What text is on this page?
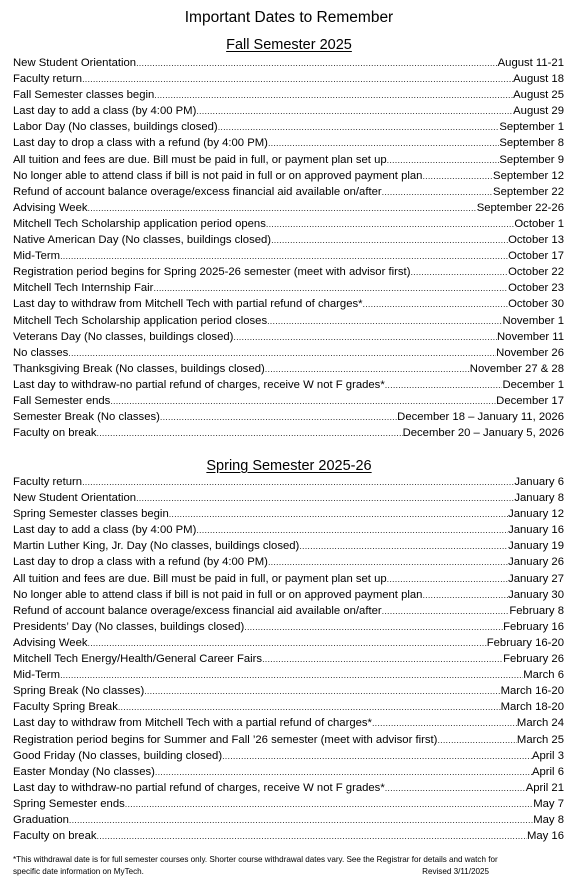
Important Dates to Remember
Fall Semester 2025
New Student Orientation .....	August 11-21
Faculty return .....	August 18
Fall Semester classes begin .....	August 25
Last day to add a class (by 4:00 PM) .....	August 29
Labor Day (No classes, buildings closed) .....	September 1
Last day to drop a class with a refund (by 4:00 PM) .....	September 8
All tuition and fees are due. Bill must be paid in full, or payment plan set up .....	September 9
No longer able to attend class if bill is not paid in full or on approved payment plan .....	September 12
Refund of account balance overage/excess financial aid available on/after .....	September 22
Advising Week .....	September 22-26
Mitchell Tech Scholarship application period opens .....	October 1
Native American Day (No classes, buildings closed) .....	October 13
Mid-Term .....	October 17
Registration period begins for Spring 2025-26 semester (meet with advisor first) .....	October 22
Mitchell Tech Internship Fair .....	October 23
Last day to withdraw from Mitchell Tech with partial refund of charges* .....	October 30
Mitchell Tech Scholarship application period closes .....	November 1
Veterans Day (No classes, buildings closed) .....	November 11
No classes .....	November 26
Thanksgiving Break (No classes, buildings closed) .....	November 27 & 28
Last day to withdraw-no partial refund of charges, receive W not F grades* .....	December 1
Fall Semester ends .....	December 17
Semester Break (No classes) .....	December 18 – January 11, 2026
Faculty on break .....	December 20 – January 5, 2026
Spring Semester 2025-26
Faculty return .....	January 6
New Student Orientation .....	January 8
Spring Semester classes begin .....	January 12
Last day to add a class (by 4:00 PM) .....	January 16
Martin Luther King, Jr. Day (No classes, buildings closed) .....	January 19
Last day to drop a class with a refund (by 4:00 PM) .....	January 26
All tuition and fees are due. Bill must be paid in full, or payment plan set up .....	January 27
No longer able to attend class if bill is not paid in full or on approved payment plan .....	January 30
Refund of account balance overage/excess financial aid available on/after .....	February 8
Presidents’ Day (No classes, buildings closed) .....	February 16
Advising Week .....	February 16-20
Mitchell Tech Energy/Health/General Career Fairs .....	February 26
Mid-Term .....	March 6
Spring Break (No classes) .....	March 16-20
Faculty Spring Break .....	March 18-20
Last day to withdraw from Mitchell Tech with a partial refund of charges* .....	March 24
Registration period begins for Summer and Fall ’26 semester (meet with advisor first) .....	March 25
Good Friday (No classes, building closed) .....	April 3
Easter Monday (No classes) .....	April 6
Last day to withdraw-no partial refund of charges, receive W not F grades* .....	April 21
Spring Semester ends .....	May 7
Graduation .....	May 8
Faculty on break .....	May 16
*This withdrawal date is for full semester courses only. Shorter course withdrawal dates vary. See the Registrar for details and watch for
specific date information on MyTech.	Revised 3/11/2025
